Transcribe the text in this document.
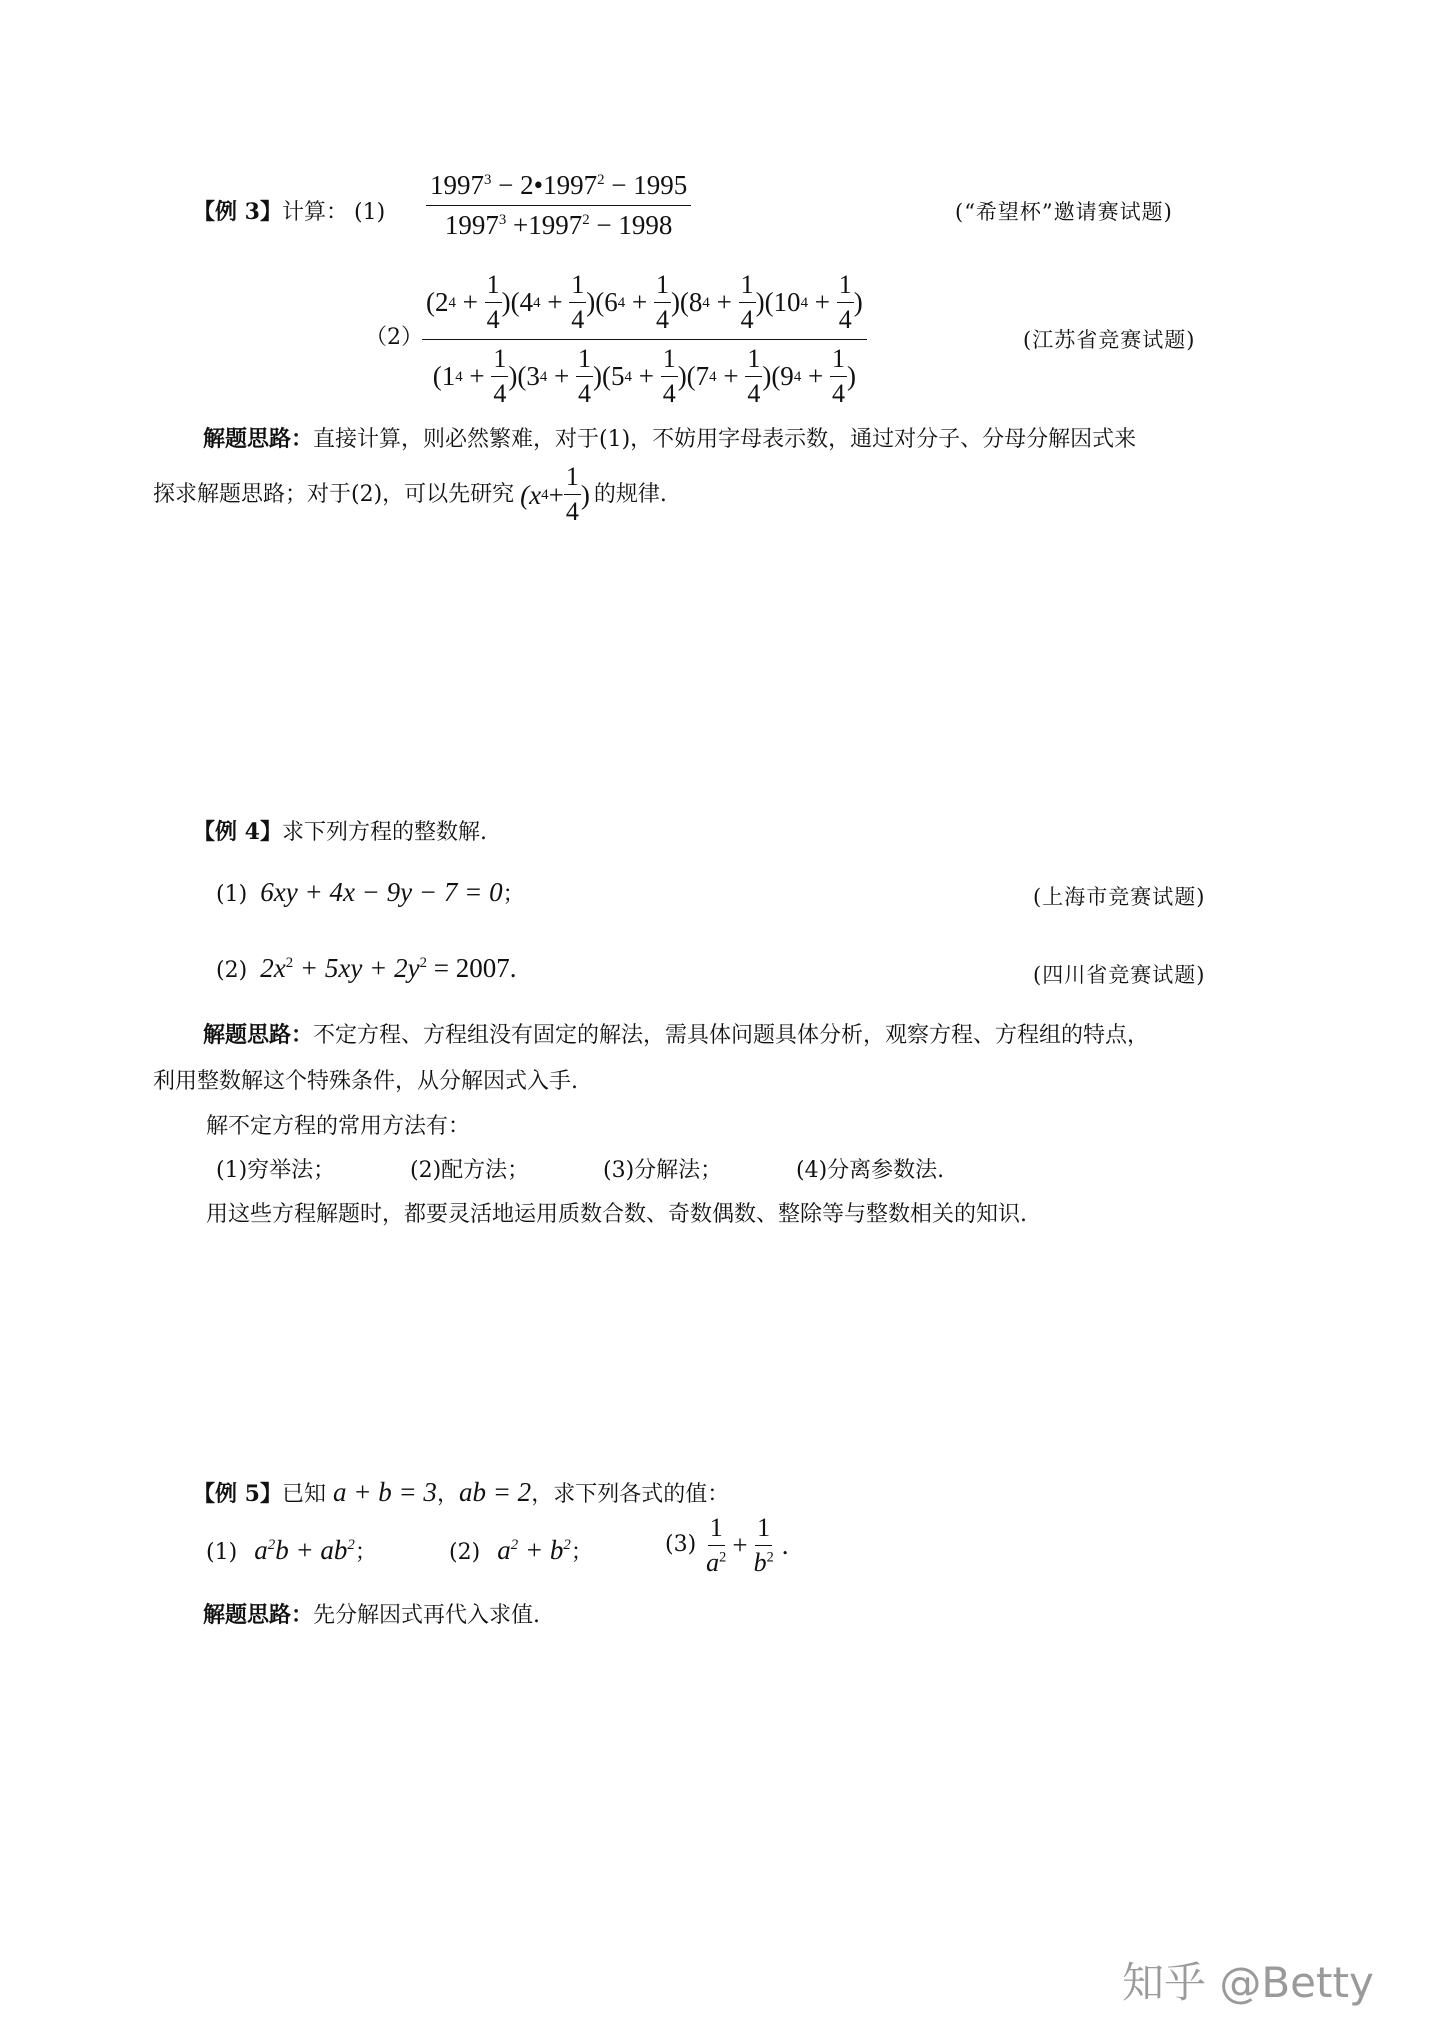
【例 3】计算： $(1) \frac{1997^3 - 2•1997^2 - 1995}{1997^3 +1997^2 - 1998}$	(“希望杯”邀请赛试题)
（2）
(2 4
+
$\frac{1}{4} )(4$ 4
+
$\frac{1}{4} )(6$ 4
+
$\frac{1}{4} )(8$ 4
+
$\frac{1}{4} )(10$ 4
+
$\frac{1}{4}$ )
(1 4
+
$\frac{1}{4} )(3$ 4
+
$\frac{1}{4} )(5$ 4
+
$\frac{1}{4} )(7$ 4
+
$\frac{1}{4} )(9$ 4
+
$\frac{1}{4}$ )
(江苏省竞赛试题)
解题思路：直接计算，则必然繁难，对于(1)，不妨用字母表示数，通过对分子、分母分解因式来
探求解题思路；对于(2)，可以先研究 (x $4 + \frac{1}{4}$ ) 的规律.
【例 4】求下列方程的整数解.
(1) 6xy + 4x − 9y − 7 = 0；	(上海市竞赛试题)
(2) $2x^2 + 5xy + 2y^2 = 2007$.	(四川省竞赛试题)
解题思路：不定方程、方程组没有固定的解法，需具体问题具体分析，观察方程、方程组的特点，
利用整数解这个特殊条件，从分解因式入手.
解不定方程的常用方法有：
(1)穷举法；	(2)配方法；	(3)分解法；	(4)分离参数法.
用这些方程解题时，都要灵活地运用质数合数、奇数偶数、整除等与整数相关的知识.
【例 5】已知 a + b = 3，ab = 2，求下列各式的值：
(1) $a^2b + ab^2$；	(2) $a^2 + b^2$；	$(3) \frac{1}{a^2} + \frac{1}{b^2}$ .
解题思路：先分解因式再代入求值.
知乎 @Betty
